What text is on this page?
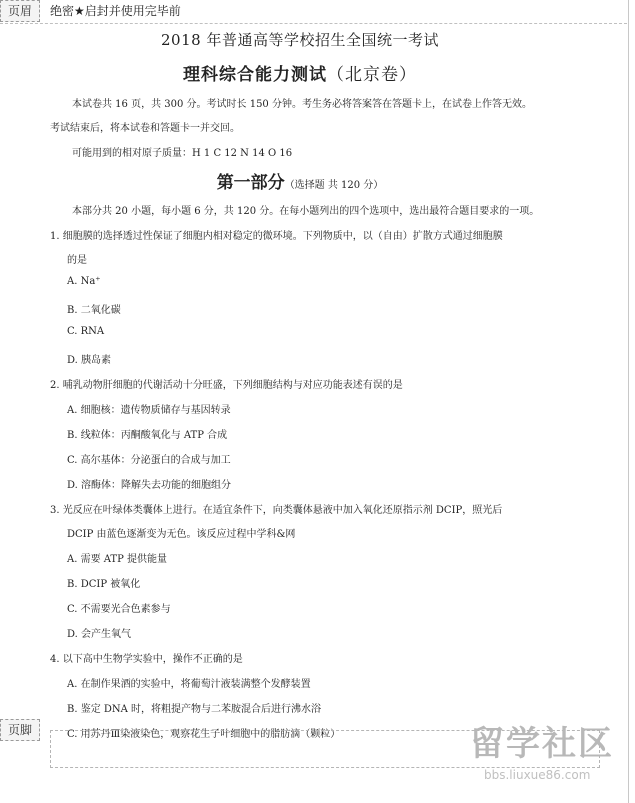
页眉	绝密★启封并使用完毕前
2018 年普通高等学校招生全国统一考试
理科综合能力测试（北京卷）
本试卷共 16 页，共 300 分。考试时长 150 分钟。考生务必将答案答在答题卡上，在试卷上作答无效。
考试结束后，将本试卷和答题卡一并交回。
可能用到的相对原子质量：H 1 C 12 N 14 O 16
第一部分（选择题 共 120 分）
本部分共 20 小题，每小题 6 分，共 120 分。在每小题列出的四个选项中，选出最符合题目要求的一项。
1. 细胞膜的选择透过性保证了细胞内相对稳定的微环境。下列物质中，以（自由）扩散方式通过细胞膜
的是
A. Na⁺
B. 二氧化碳
C. RNA
D. 胰岛素
2. 哺乳动物肝细胞的代谢活动十分旺盛，下列细胞结构与对应功能表述有误的是
A. 细胞核：遗传物质储存与基因转录
B. 线粒体：丙酮酸氧化与 ATP 合成
C. 高尔基体：分泌蛋白的合成与加工
D. 溶酶体：降解失去功能的细胞组分
3. 光反应在叶绿体类囊体上进行。在适宜条件下，向类囊体悬液中加入氧化还原指示剂 DCIP，照光后
DCIP 由蓝色逐渐变为无色。该反应过程中学科&网
A. 需要 ATP 提供能量
B. DCIP 被氧化
C. 不需要光合色素参与
D. 会产生氧气
4. 以下高中生物学实验中，操作不正确的是
A. 在制作果酒的实验中，将葡萄汁液装满整个发酵装置
B. 鉴定 DNA 时，将粗提产物与二苯胺混合后进行沸水浴
C. 用苏丹Ⅲ染液染色，观察花生子叶细胞中的脂肪滴（颗粒）
页脚	留学社区
bbs.liuxue86.com
